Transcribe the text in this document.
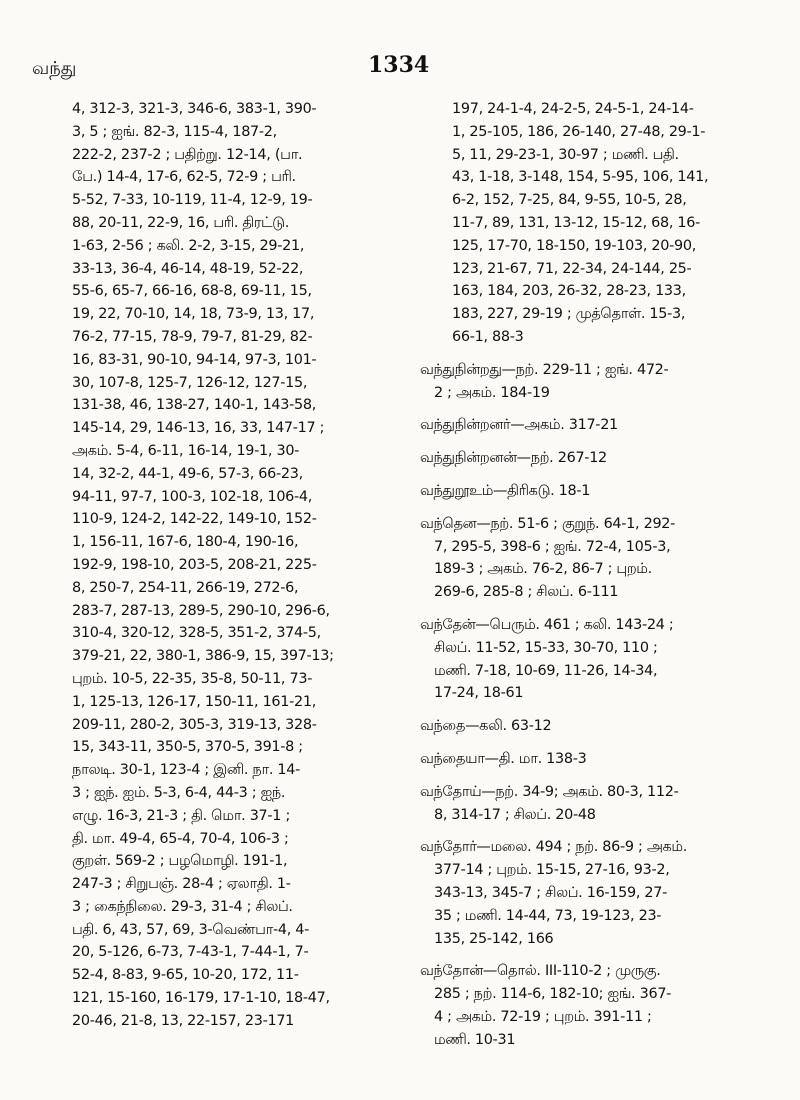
வந்து	1334
4, 312-3, 321-3, 346-6, 383-1, 390-
3, 5 ; ஐங். 82-3, 115-4, 187-2,
222-2, 237-2 ; பதிற்று. 12-14, (பா.
பே.) 14-4, 17-6, 62-5, 72-9 ; பரி.
5-52, 7-33, 10-119, 11-4, 12-9, 19-
88, 20-11, 22-9, 16, பரி. திரட்டு.
1-63, 2-56 ; கலி. 2-2, 3-15, 29-21,
33-13, 36-4, 46-14, 48-19, 52-22,
55-6, 65-7, 66-16, 68-8, 69-11, 15,
19, 22, 70-10, 14, 18, 73-9, 13, 17,
76-2, 77-15, 78-9, 79-7, 81-29, 82-
16, 83-31, 90-10, 94-14, 97-3, 101-
30, 107-8, 125-7, 126-12, 127-15,
131-38, 46, 138-27, 140-1, 143-58,
145-14, 29, 146-13, 16, 33, 147-17 ;
அகம். 5-4, 6-11, 16-14, 19-1, 30-
14, 32-2, 44-1, 49-6, 57-3, 66-23,
94-11, 97-7, 100-3, 102-18, 106-4,
110-9, 124-2, 142-22, 149-10, 152-
1, 156-11, 167-6, 180-4, 190-16,
192-9, 198-10, 203-5, 208-21, 225-
8, 250-7, 254-11, 266-19, 272-6,
283-7, 287-13, 289-5, 290-10, 296-6,
310-4, 320-12, 328-5, 351-2, 374-5,
379-21, 22, 380-1, 386-9, 15, 397-13;
புறம். 10-5, 22-35, 35-8, 50-11, 73-
1, 125-13, 126-17, 150-11, 161-21,
209-11, 280-2, 305-3, 319-13, 328-
15, 343-11, 350-5, 370-5, 391-8 ;
நாலடி. 30-1, 123-4 ; இனி. நா. 14-
3 ; ஐந். ஐம். 5-3, 6-4, 44-3 ; ஐந்.
எழு. 16-3, 21-3 ; தி. மொ. 37-1 ;
தி. மா. 49-4, 65-4, 70-4, 106-3 ;
குறள். 569-2 ; பழமொழி. 191-1,
247-3 ; சிறுபஞ். 28-4 ; ஏலாதி. 1-
3 ; கைந்நிலை. 29-3, 31-4 ; சிலப்.
பதி. 6, 43, 57, 69, 3-வெண்பா-4, 4-
20, 5-126, 6-73, 7-43-1, 7-44-1, 7-
52-4, 8-83, 9-65, 10-20, 172, 11-
121, 15-160, 16-179, 17-1-10, 18-47,
20-46, 21-8, 13, 22-157, 23-171
197, 24-1-4, 24-2-5, 24-5-1, 24-14-
1, 25-105, 186, 26-140, 27-48, 29-1-
5, 11, 29-23-1, 30-97 ; மணி. பதி.
43, 1-18, 3-148, 154, 5-95, 106, 141,
6-2, 152, 7-25, 84, 9-55, 10-5, 28,
11-7, 89, 131, 13-12, 15-12, 68, 16-
125, 17-70, 18-150, 19-103, 20-90,
123, 21-67, 71, 22-34, 24-144, 25-
163, 184, 203, 26-32, 28-23, 133,
183, 227, 29-19 ; முத்தொள். 15-3,
66-1, 88-3
வந்துநின்றது—நற். 229-11 ; ஐங். 472-
2 ; அகம். 184-19
வந்துநின்றனர்—அகம். 317-21
வந்துநின்றனன்—நற். 267-12
வந்துறூஉம்—திரிகடு. 18-1
வந்தென—நற். 51-6 ; குறுந். 64-1, 292-
7, 295-5, 398-6 ; ஐங். 72-4, 105-3,
189-3 ; அகம். 76-2, 86-7 ; புறம்.
269-6, 285-8 ; சிலப். 6-111
வந்தேன்—பெரும். 461 ; கலி. 143-24 ;
சிலப். 11-52, 15-33, 30-70, 110 ;
மணி. 7-18, 10-69, 11-26, 14-34,
17-24, 18-61
வந்தை—கலி. 63-12
வந்தையா—தி. மா. 138-3
வந்தோய்—நற். 34-9; அகம். 80-3, 112-
8, 314-17 ; சிலப். 20-48
வந்தோர்—மலை. 494 ; நற். 86-9 ; அகம்.
377-14 ; புறம். 15-15, 27-16, 93-2,
343-13, 345-7 ; சிலப். 16-159, 27-
35 ; மணி. 14-44, 73, 19-123, 23-
135, 25-142, 166
வந்தோன்—தொல். III-110-2 ; முருகு.
285 ; நற். 114-6, 182-10; ஐங். 367-
4 ; அகம். 72-19 ; புறம். 391-11 ;
மணி. 10-31
